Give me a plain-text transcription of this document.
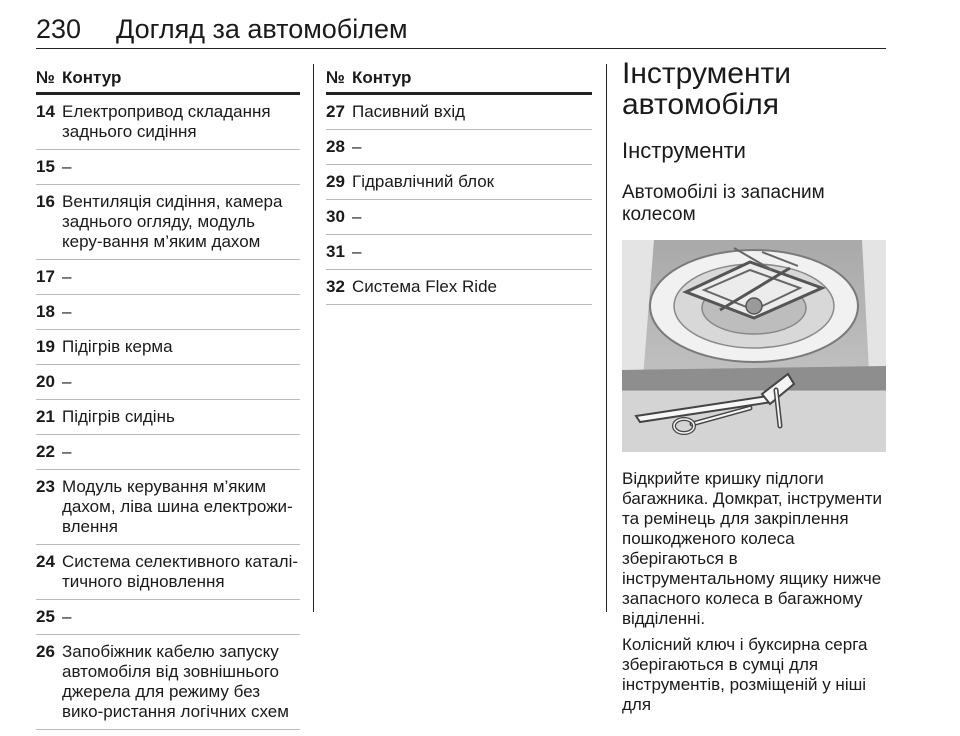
230 Догляд за автомобілем
№ Контур
14 Електропривод складання заднього сидіння
15 –
16 Вентиляція сидіння, камера заднього огляду, модуль керу-вання м’яким дахом
17 –
18 –
19 Підігрів керма
20 –
21 Підігрів сидінь
22 –
23 Модуль керування м’яким дахом, ліва шина електрожи-влення
24 Система селективного каталі-тичного відновлення
25 –
26 Запобіжник кабелю запуску автомобіля від зовнішнього джерела для режиму без вико-ристання логічних схем
№ Контур
27 Пасивний вхід
28 –
29 Гідравлічний блок
30 –
31 –
32 Система Flex Ride
Інструменти автомобіля
Інструменти
Автомобілі із запасним колесом
Відкрийте кришку підлоги багажника. Домкрат, інструменти та ремінець для закріплення пошкодженого колеса зберігаються в інструментальному ящику нижче запасного колеса в багажному відділенні.
Колісний ключ і буксирна серга зберігаються в сумці для інструментів, розміщеній у ніші для
